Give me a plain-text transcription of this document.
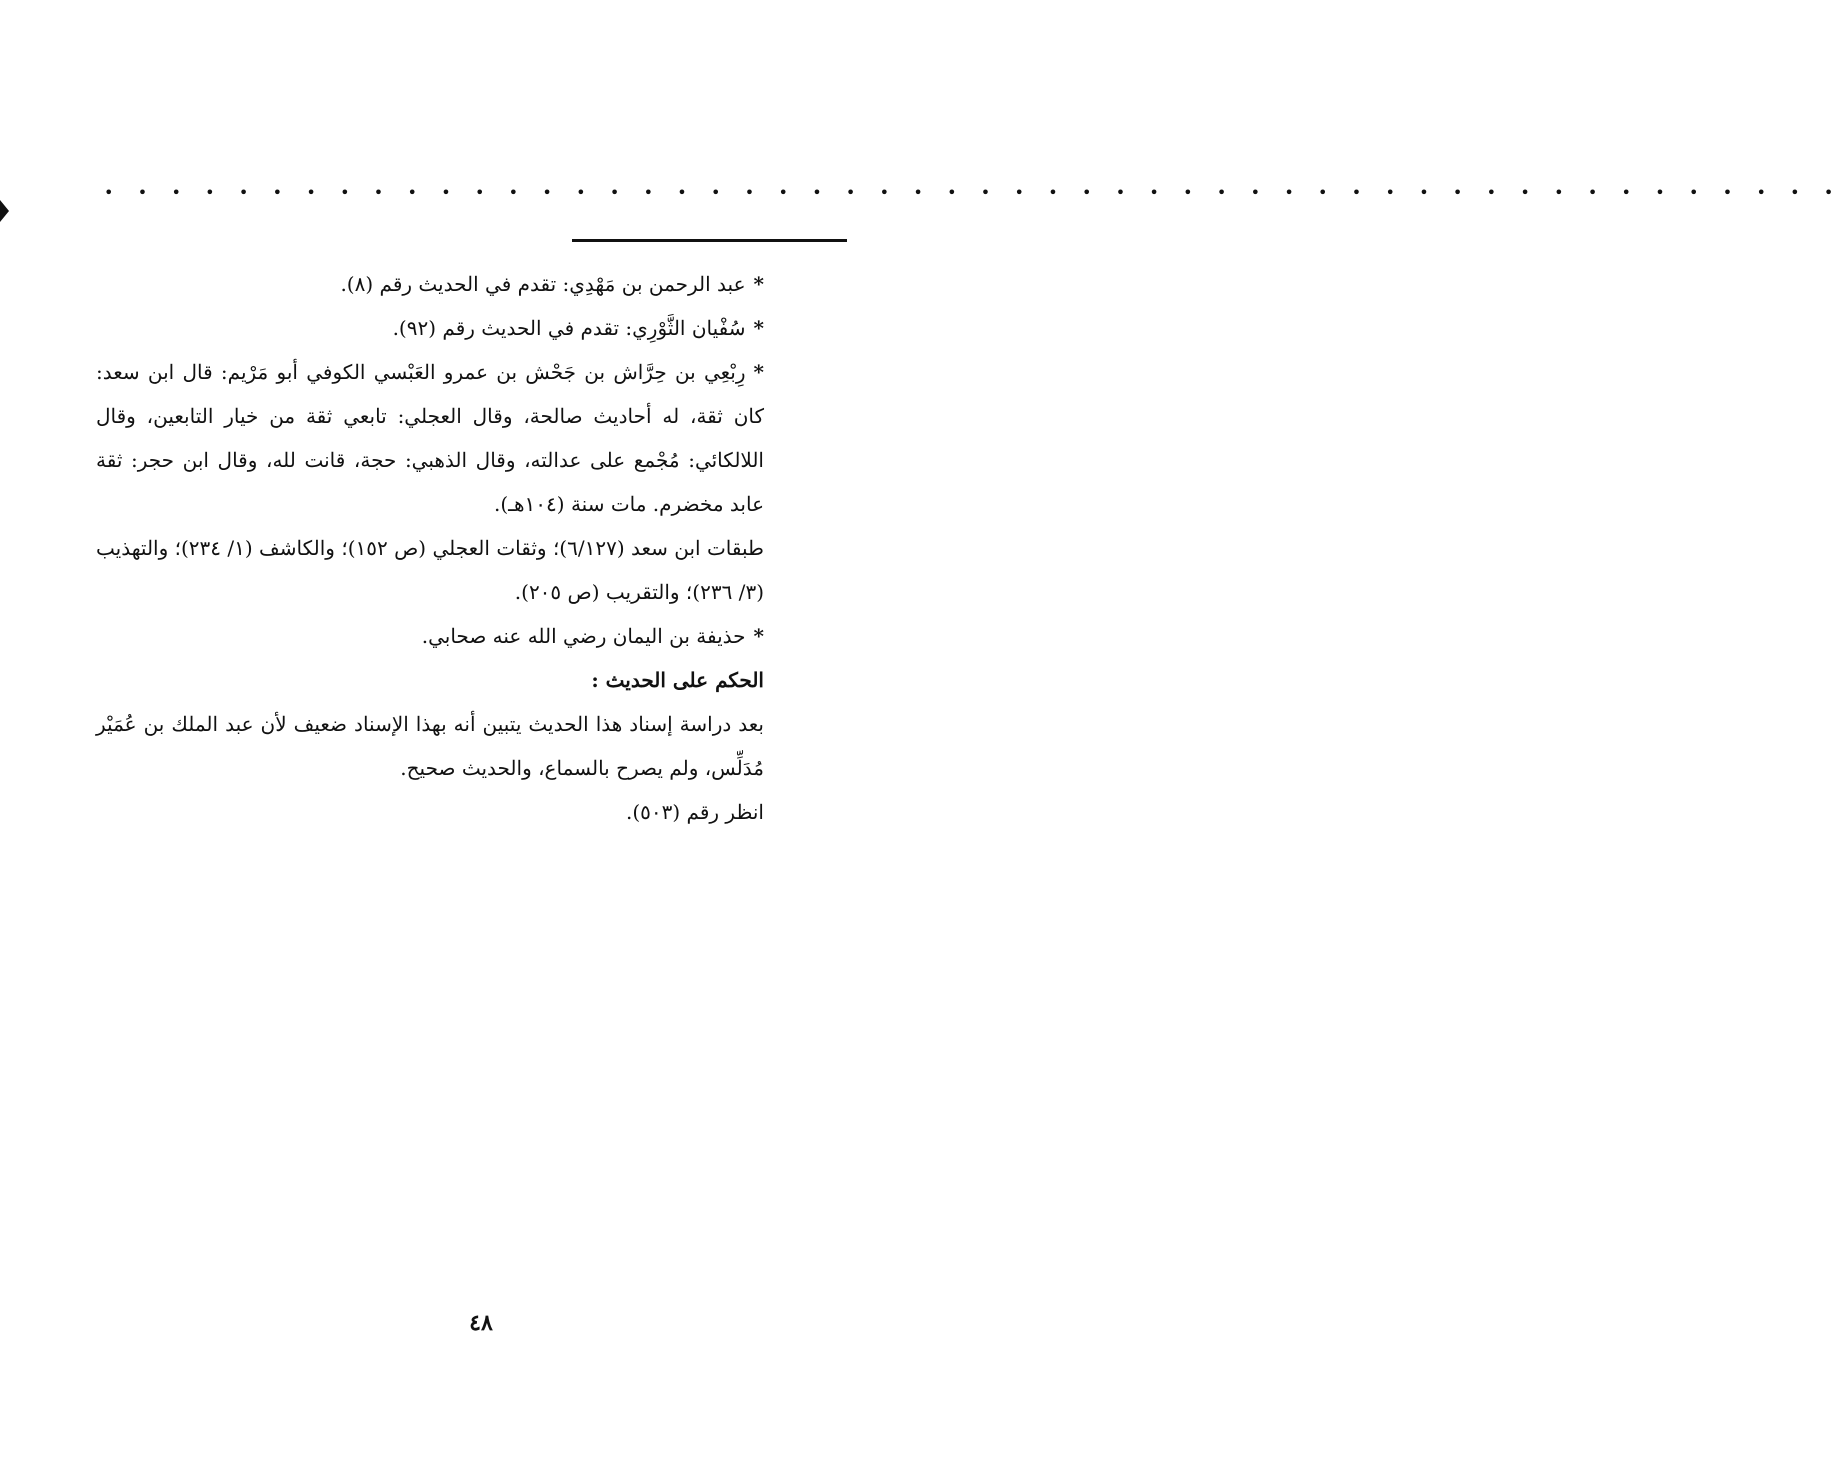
• • • • • • • • • • • • • • • • • • • • • • • • • • • • • • • • • • • • • • • • • • • • • • • • • • • •

*عبد الرحمن بن مَهْدِي: تقدم في الحديث رقم (٨).

*سُفْيان الثَّوْرِي: تقدم في الحديث رقم (٩٢).

*رِبْعِي بن حِرَّاش بن جَحْش بن عمرو العَبْسي الكوفي أبو مَرْيم: قال ابن سعد: كان ثقة، له أحاديث صالحة، وقال العجلي: تابعي ثقة من خيار التابعين، وقال اللالكائي: مُجْمع على عدالته، وقال الذهبي: حجة، قانت لله، وقال ابن حجر: ثقة عابد مخضرم. مات سنة (١٠٤هـ).

طبقات ابن سعد (٦/١٢٧)؛ وثقات العجلي (ص ١٥٢)؛ والكاشف (١/ ٢٣٤)؛ والتهذيب (٣/ ٢٣٦)؛ والتقريب (ص ٢٠٥).

*حذيفة بن اليمان رضي الله عنه صحابي.

الحكم على الحديث :

بعد دراسة إسناد هذا الحديث يتبين أنه بهذا الإسناد ضعيف لأن عبد الملك بن عُمَيْر مُدَلِّس، ولم يصرح بالسماع، والحديث صحيح.

انظر رقم (٥٠٣).

٤٨
